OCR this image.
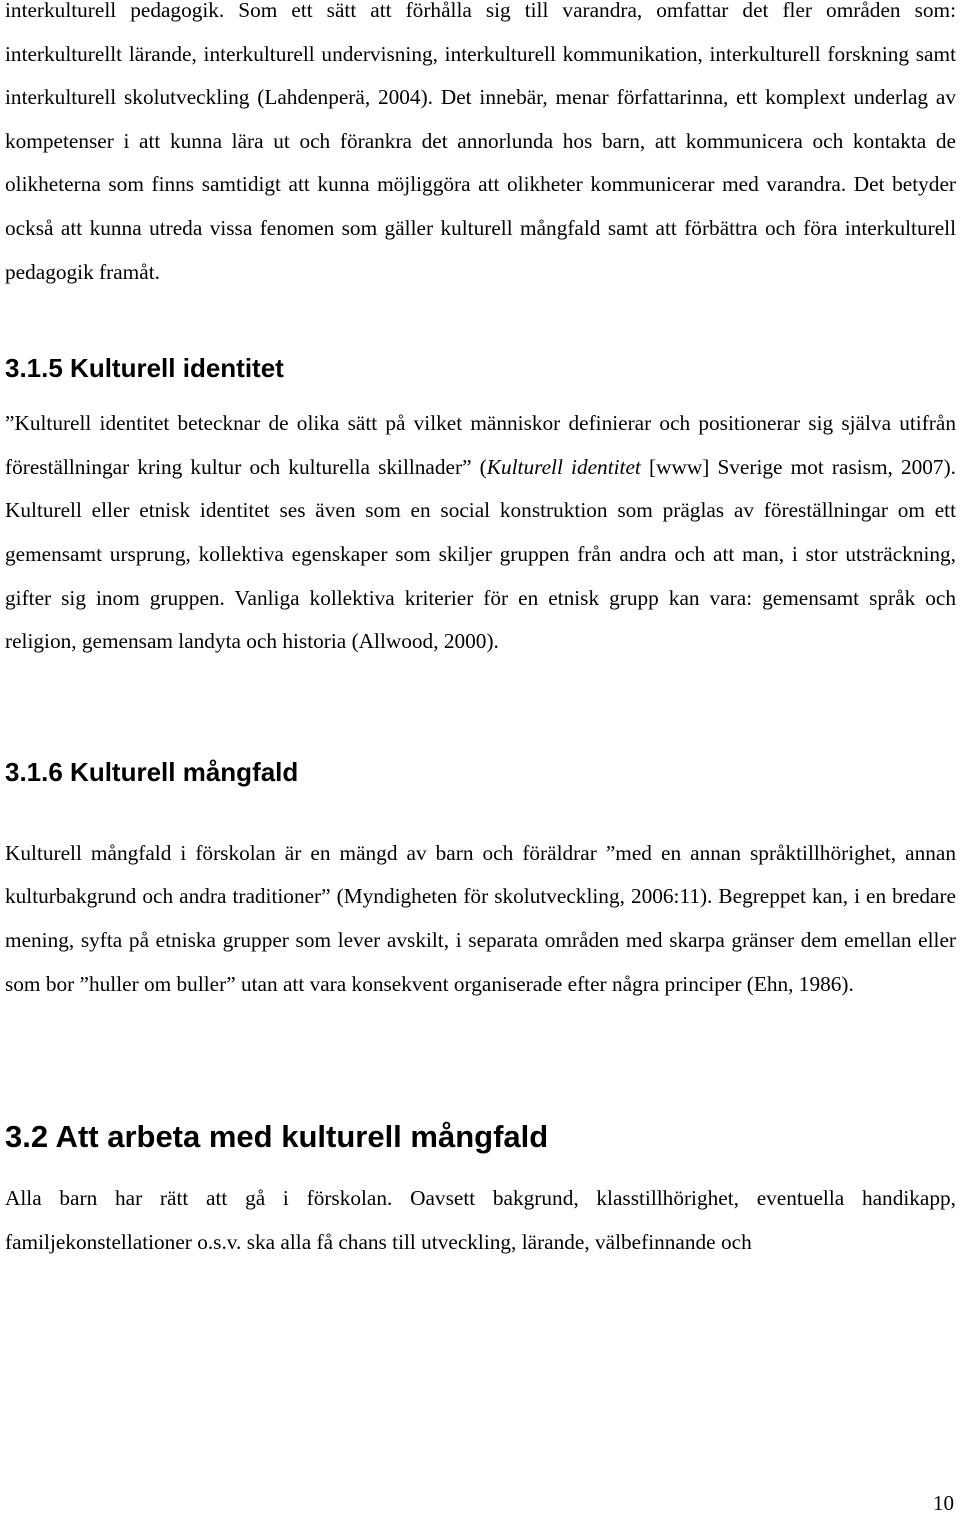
interkulturell pedagogik. Som ett sätt att förhålla sig till varandra, omfattar det fler områden som: interkulturellt lärande, interkulturell undervisning, interkulturell kommunikation, interkulturell forskning samt interkulturell skolutveckling (Lahdenperä, 2004). Det innebär, menar författarinna, ett komplext underlag av kompetenser i att kunna lära ut och förankra det annorlunda hos barn, att kommunicera och kontakta de olikheterna som finns samtidigt att kunna möjliggöra att olikheter kommunicerar med varandra. Det betyder också att kunna utreda vissa fenomen som gäller kulturell mångfald samt att förbättra och föra interkulturell pedagogik framåt.

3.1.5 Kulturell identitet

”Kulturell identitet betecknar de olika sätt på vilket människor definierar och positionerar sig själva utifrån föreställningar kring kultur och kulturella skillnader” (Kulturell identitet [www] Sverige mot rasism, 2007). Kulturell eller etnisk identitet ses även som en social konstruktion som präglas av föreställningar om ett gemensamt ursprung, kollektiva egenskaper som skiljer gruppen från andra och att man, i stor utsträckning, gifter sig inom gruppen. Vanliga kollektiva kriterier för en etnisk grupp kan vara: gemensamt språk och religion, gemensam landyta och historia (Allwood, 2000).

3.1.6 Kulturell mångfald

Kulturell mångfald i förskolan är en mängd av barn och föräldrar ”med en annan språktillhörighet, annan kulturbakgrund och andra traditioner” (Myndigheten för skolutveckling, 2006:11). Begreppet kan, i en bredare mening, syfta på etniska grupper som lever avskilt, i separata områden med skarpa gränser dem emellan eller som bor ”huller om buller” utan att vara konsekvent organiserade efter några principer (Ehn, 1986).

3.2 Att arbeta med kulturell mångfald

Alla barn har rätt att gå i förskolan. Oavsett bakgrund, klasstillhörighet, eventuella handikapp, familjekonstellationer o.s.v. ska alla få chans till utveckling, lärande, välbefinnande och

10
